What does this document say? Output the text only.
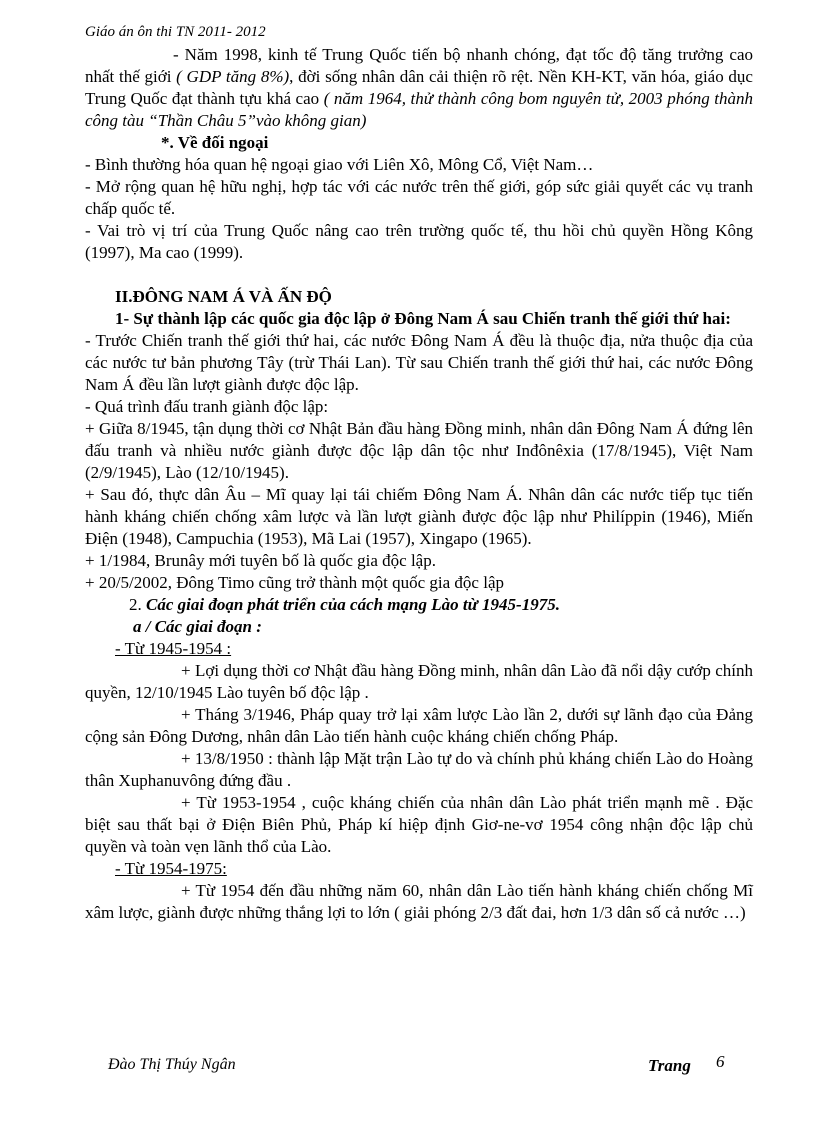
Giáo án ôn thi TN 2011- 2012

- Năm 1998, kinh tế Trung Quốc tiến bộ nhanh chóng, đạt tốc độ tăng trưởng cao nhất thế giới ( GDP tăng 8%), đời sống nhân dân cải thiện rõ rệt. Nền KH-KT, văn hóa, giáo dục Trung Quốc đạt thành tựu khá cao ( năm 1964, thử thành công bom nguyên tử, 2003 phóng thành công tàu “Thần Châu 5”vào không gian)

*. Về đối ngoại

- Bình thường hóa quan hệ ngoại giao với Liên Xô, Mông Cổ, Việt Nam…

- Mở rộng quan hệ hữu nghị, hợp tác với các nước trên thế giới, góp sức giải quyết các vụ tranh chấp quốc tế.

- Vai trò vị trí của Trung Quốc nâng cao trên trường quốc tế, thu hồi chủ quyền Hồng Kông (1997), Ma cao (1999).

II.ĐÔNG NAM Á VÀ ẤN ĐỘ

1- Sự thành lập các quốc gia độc lập ở Đông Nam Á sau Chiến tranh thế giới thứ hai:

- Trước Chiến tranh thế giới thứ hai, các nước Đông Nam Á đều là thuộc địa, nửa thuộc địa của các nước tư bản phương Tây (trừ Thái Lan). Từ sau Chiến tranh thế giới thứ hai, các nước Đông Nam Á đều lần lượt giành được độc lập.

- Quá trình đấu tranh giành độc lập:

+ Giữa 8/1945, tận dụng thời cơ Nhật Bản đầu hàng Đồng minh, nhân dân Đông Nam Á đứng lên đấu tranh và nhiều nước giành được độc lập dân tộc như Inđônêxia (17/8/1945), Việt Nam (2/9/1945), Lào (12/10/1945).

+ Sau đó, thực dân Âu – Mĩ quay lại tái chiếm Đông Nam Á. Nhân dân các nước tiếp tục tiến hành kháng chiến chống xâm lược và lần lượt giành được độc lập như Philíppin (1946), Miến Điện (1948), Campuchia (1953), Mã Lai (1957), Xingapo (1965).

+ 1/1984, Brunây mới tuyên bố là quốc gia độc lập.

+ 20/5/2002, Đông Timo cũng trở thành một quốc gia độc lập

2. Các giai đoạn phát triển của cách mạng Lào từ 1945-1975.

a / Các giai đoạn :

- Từ 1945-1954 :

+ Lợi dụng thời cơ Nhật đầu hàng Đồng minh, nhân dân Lào đã nổi dậy cướp chính quyền, 12/10/1945 Lào tuyên bố độc lập .

+ Tháng 3/1946, Pháp quay trở lại xâm lược Lào lần 2, dưới sự lãnh đạo của Đảng cộng sản Đông Dương, nhân dân Lào tiến hành cuộc kháng chiến chống Pháp.

+ 13/8/1950 : thành lập Mặt trận Lào tự do và chính phủ kháng chiến Lào do Hoàng thân Xuphanuvông đứng đầu .

+ Từ 1953-1954 , cuộc kháng chiến của nhân dân Lào phát triển mạnh mẽ . Đặc biệt sau thất bại ở Điện Biên Phủ, Pháp kí hiệp định Giơ-ne-vơ 1954 công nhận độc lập chủ quyền và toàn vẹn lãnh thổ của Lào.

- Từ 1954-1975:

+ Từ 1954 đến đầu những năm 60, nhân dân Lào tiến hành kháng chiến chống Mĩ xâm lược, giành được những thắng lợi to lớn ( giải phóng 2/3 đất đai, hơn 1/3 dân số cả nước …)

Đào Thị Thúy Ngân	Trang 6
